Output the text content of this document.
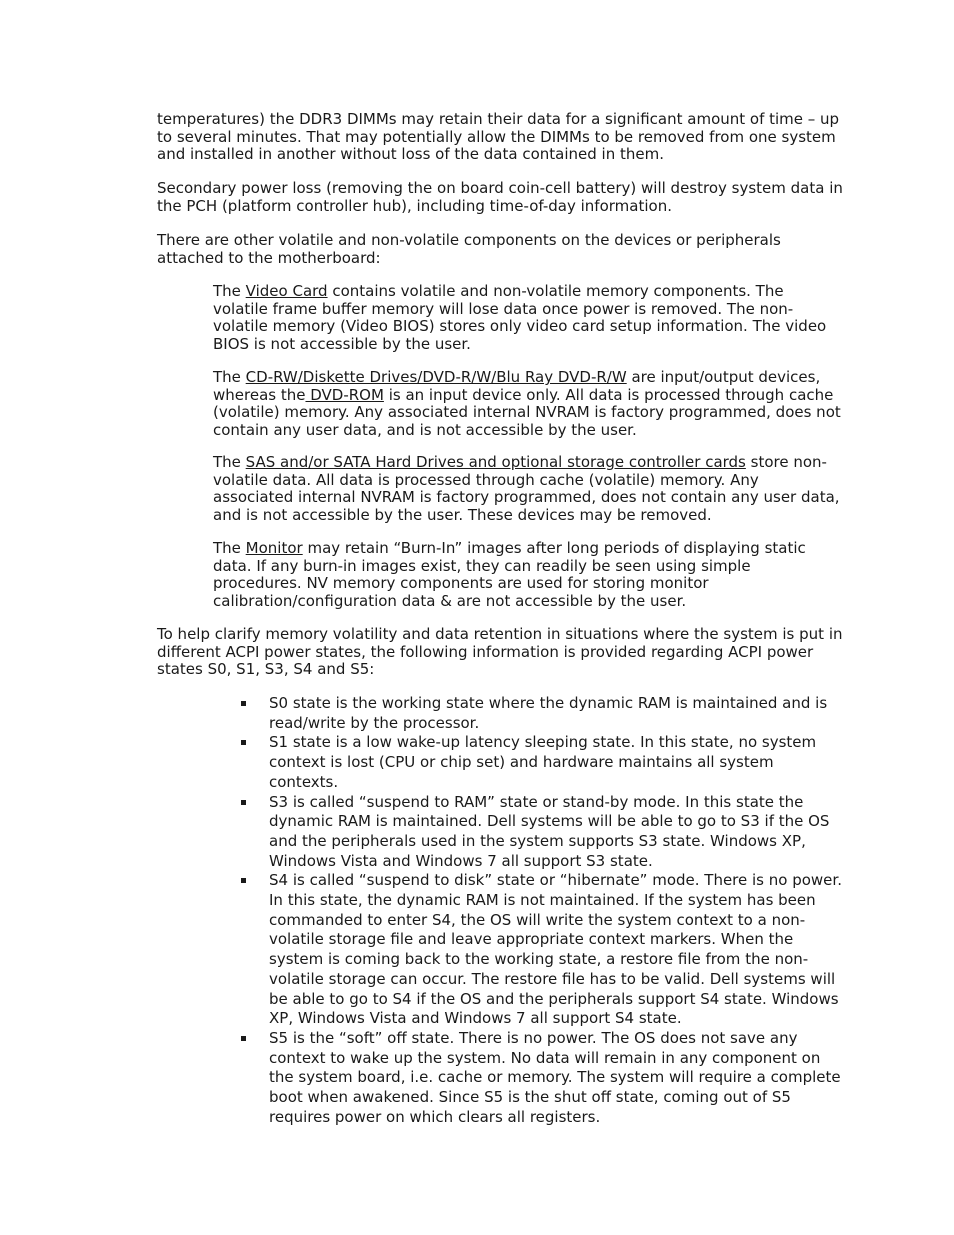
temperatures) the DDR3 DIMMs may retain their data for a significant amount of time – up to several minutes. That may potentially allow the DIMMs to be removed from one system and installed in another without loss of the data contained in them.

Secondary power loss (removing the on board coin-cell battery) will destroy system data in the PCH (platform controller hub), including time-of-day information.

There are other volatile and non-volatile components on the devices or peripherals attached to the motherboard:

The Video Card contains volatile and non-volatile memory components. The volatile frame buffer memory will lose data once power is removed. The non-volatile memory (Video BIOS) stores only video card setup information. The video BIOS is not accessible by the user.

The CD-RW/Diskette Drives/DVD-R/W/Blu Ray DVD-R/W are input/output devices, whereas the DVD-ROM is an input device only. All data is processed through cache (volatile) memory. Any associated internal NVRAM is factory programmed, does not contain any user data, and is not accessible by the user.

The SAS and/or SATA Hard Drives and optional storage controller cards store non-volatile data. All data is processed through cache (volatile) memory. Any associated internal NVRAM is factory programmed, does not contain any user data, and is not accessible by the user. These devices may be removed.

The Monitor may retain “Burn-In” images after long periods of displaying static data. If any burn-in images exist, they can readily be seen using simple procedures. NV memory components are used for storing monitor calibration/configuration data & are not accessible by the user.

To help clarify memory volatility and data retention in situations where the system is put in different ACPI power states, the following information is provided regarding ACPI power states S0, S1, S3, S4 and S5:

S0 state is the working state where the dynamic RAM is maintained and is read/write by the processor.
S1 state is a low wake-up latency sleeping state. In this state, no system context is lost (CPU or chip set) and hardware maintains all system contexts.
S3 is called “suspend to RAM” state or stand-by mode. In this state the dynamic RAM is maintained. Dell systems will be able to go to S3 if the OS and the peripherals used in the system supports S3 state. Windows XP, Windows Vista and Windows 7 all support S3 state.
S4 is called “suspend to disk” state or “hibernate” mode. There is no power. In this state, the dynamic RAM is not maintained. If the system has been commanded to enter S4, the OS will write the system context to a non-volatile storage file and leave appropriate context markers. When the system is coming back to the working state, a restore file from the non-volatile storage can occur. The restore file has to be valid. Dell systems will be able to go to S4 if the OS and the peripherals support S4 state. Windows XP, Windows Vista and Windows 7 all support S4 state.
S5 is the “soft” off state. There is no power. The OS does not save any context to wake up the system. No data will remain in any component on the system board, i.e. cache or memory. The system will require a complete boot when awakened. Since S5 is the shut off state, coming out of S5 requires power on which clears all registers.
